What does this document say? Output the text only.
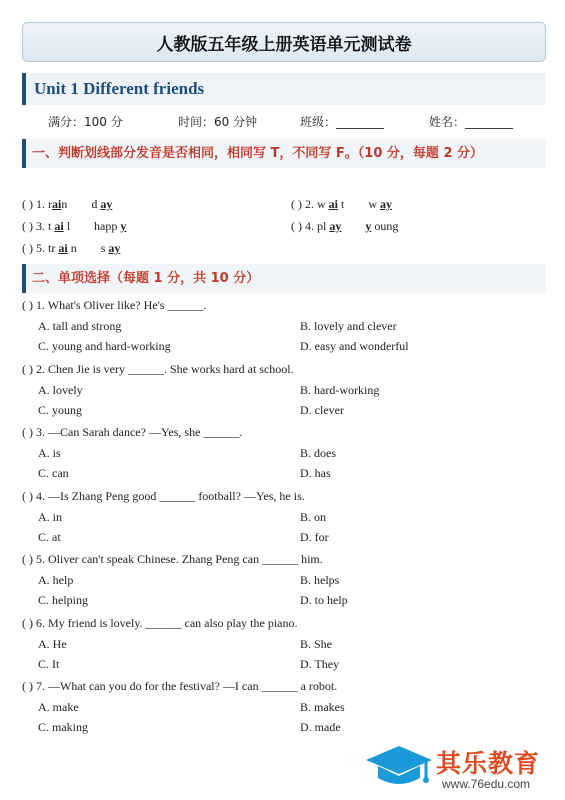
人教版五年级上册英语单元测试卷
Unit 1 Different friends
满分：100 分	时间：60 分钟	班级：________	姓名：________
一、判断划线部分发音是否相同，相同写 T，不同写 F。（10 分，每题 2 分）
( ) 1. rain d ay	( ) 2. w ai t w ay
( ) 3. t ai l happ y	( ) 4. pl ay y oung
( ) 5. tr ai n s ay
二、单项选择（每题 1 分，共 10 分）
( ) 1. What's Oliver like? He's ______.
A. tall and strong	B. lovely and clever
C. young and hard-working	D. easy and wonderful
( ) 2. Chen Jie is very ______. She works hard at school.
A. lovely	B. hard-working
C. young	D. clever
( ) 3. —Can Sarah dance? —Yes, she ______.
A. is	B. does
C. can	D. has
( ) 4. —Is Zhang Peng good ______ football? —Yes, he is.
A. in	B. on
C. at	D. for
( ) 5. Oliver can't speak Chinese. Zhang Peng can ______ him.
A. help	B. helps
C. helping	D. to help
( ) 6. My friend is lovely. ______ can also play the piano.
A. He	B. She
C. It	D. They
( ) 7. —What can you do for the festival? —I can ______ a robot.
A. make	B. makes
C. making	D. made
其乐教育
www.76edu.com
